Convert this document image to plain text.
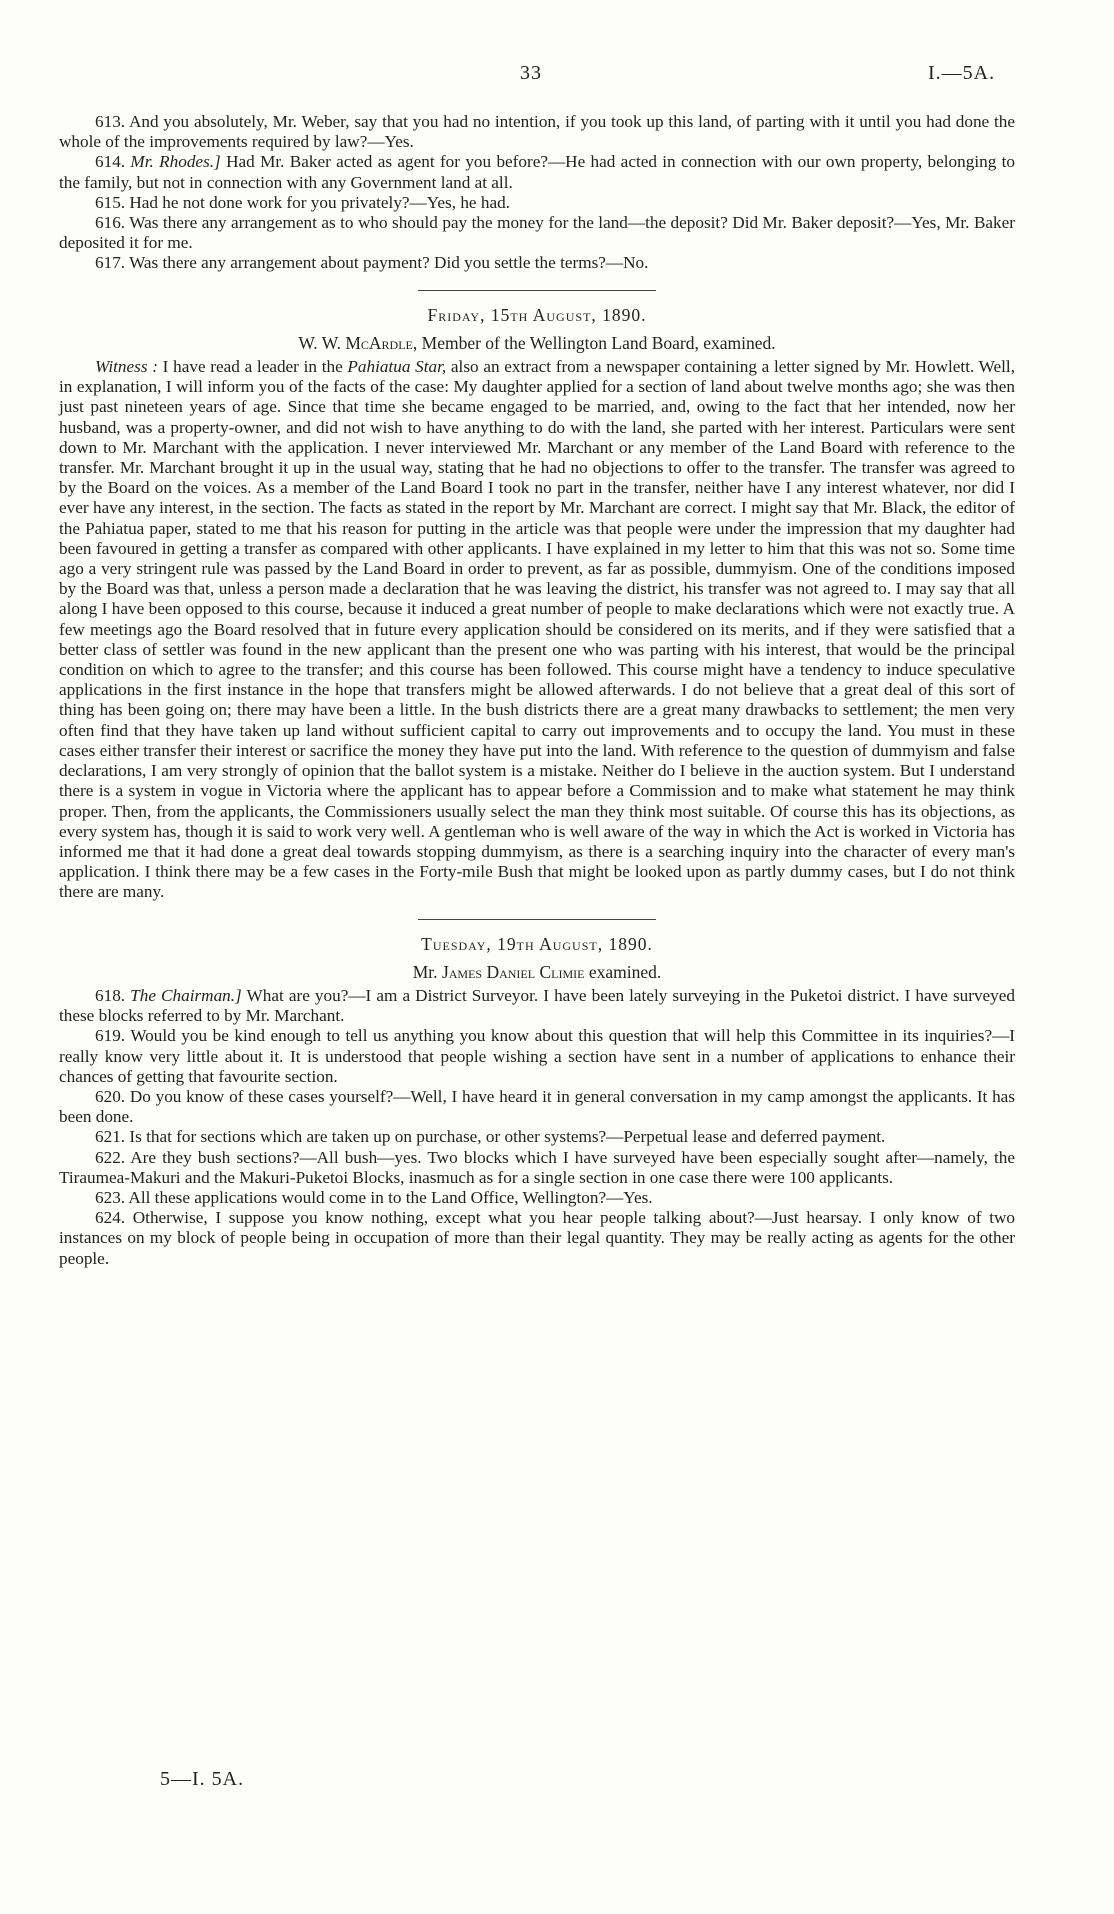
33	I.—5A.

613. And you absolutely, Mr. Weber, say that you had no intention, if you took up this land, of parting with it until you had done the whole of the improvements required by law?—Yes.

614. Mr. Rhodes.] Had Mr. Baker acted as agent for you before?—He had acted in connection with our own property, belonging to the family, but not in connection with any Government land at all.

615. Had he not done work for you privately?—Yes, he had.

616. Was there any arrangement as to who should pay the money for the land—the deposit? Did Mr. Baker deposit?—Yes, Mr. Baker deposited it for me.

617. Was there any arrangement about payment? Did you settle the terms?—No.

Friday, 15th August, 1890.
W. W. McArdle, Member of the Wellington Land Board, examined.

Witness : I have read a leader in the Pahiatua Star, also an extract from a newspaper containing a letter signed by Mr. Howlett. Well, in explanation, I will inform you of the facts of the case: My daughter applied for a section of land about twelve months ago; she was then just past nineteen years of age. Since that time she became engaged to be married, and, owing to the fact that her intended, now her husband, was a property-owner, and did not wish to have anything to do with the land, she parted with her interest. Particulars were sent down to Mr. Marchant with the application. I never interviewed Mr. Marchant or any member of the Land Board with reference to the transfer. Mr. Marchant brought it up in the usual way, stating that he had no objections to offer to the transfer. The transfer was agreed to by the Board on the voices. As a member of the Land Board I took no part in the transfer, neither have I any interest whatever, nor did I ever have any interest, in the section. The facts as stated in the report by Mr. Marchant are correct. I might say that Mr. Black, the editor of the Pahiatua paper, stated to me that his reason for putting in the article was that people were under the impression that my daughter had been favoured in getting a transfer as compared with other applicants. I have explained in my letter to him that this was not so. Some time ago a very stringent rule was passed by the Land Board in order to prevent, as far as possible, dummyism. One of the conditions imposed by the Board was that, unless a person made a declaration that he was leaving the district, his transfer was not agreed to. I may say that all along I have been opposed to this course, because it induced a great number of people to make declarations which were not exactly true. A few meetings ago the Board resolved that in future every application should be considered on its merits, and if they were satisfied that a better class of settler was found in the new applicant than the present one who was parting with his interest, that would be the principal condition on which to agree to the transfer; and this course has been followed. This course might have a tendency to induce speculative applications in the first instance in the hope that transfers might be allowed afterwards. I do not believe that a great deal of this sort of thing has been going on; there may have been a little. In the bush districts there are a great many drawbacks to settlement; the men very often find that they have taken up land without sufficient capital to carry out improvements and to occupy the land. You must in these cases either transfer their interest or sacrifice the money they have put into the land. With reference to the question of dummyism and false declarations, I am very strongly of opinion that the ballot system is a mistake. Neither do I believe in the auction system. But I understand there is a system in vogue in Victoria where the applicant has to appear before a Commission and to make what statement he may think proper. Then, from the applicants, the Commissioners usually select the man they think most suitable. Of course this has its objections, as every system has, though it is said to work very well. A gentleman who is well aware of the way in which the Act is worked in Victoria has informed me that it had done a great deal towards stopping dummyism, as there is a searching inquiry into the character of every man's application. I think there may be a few cases in the Forty-mile Bush that might be looked upon as partly dummy cases, but I do not think there are many.

Tuesday, 19th August, 1890.
Mr. James Daniel Climie examined.

618. The Chairman.] What are you?—I am a District Surveyor. I have been lately surveying in the Puketoi district. I have surveyed these blocks referred to by Mr. Marchant.

619. Would you be kind enough to tell us anything you know about this question that will help this Committee in its inquiries?—I really know very little about it. It is understood that people wishing a section have sent in a number of applications to enhance their chances of getting that favourite section.

620. Do you know of these cases yourself?—Well, I have heard it in general conversation in my camp amongst the applicants. It has been done.

621. Is that for sections which are taken up on purchase, or other systems?—Perpetual lease and deferred payment.

622. Are they bush sections?—All bush—yes. Two blocks which I have surveyed have been especially sought after—namely, the Tiraumea-Makuri and the Makuri-Puketoi Blocks, inasmuch as for a single section in one case there were 100 applicants.

623. All these applications would come in to the Land Office, Wellington?—Yes.

624. Otherwise, I suppose you know nothing, except what you hear people talking about?—Just hearsay. I only know of two instances on my block of people being in occupation of more than their legal quantity. They may be really acting as agents for the other people.

5—I. 5A.
